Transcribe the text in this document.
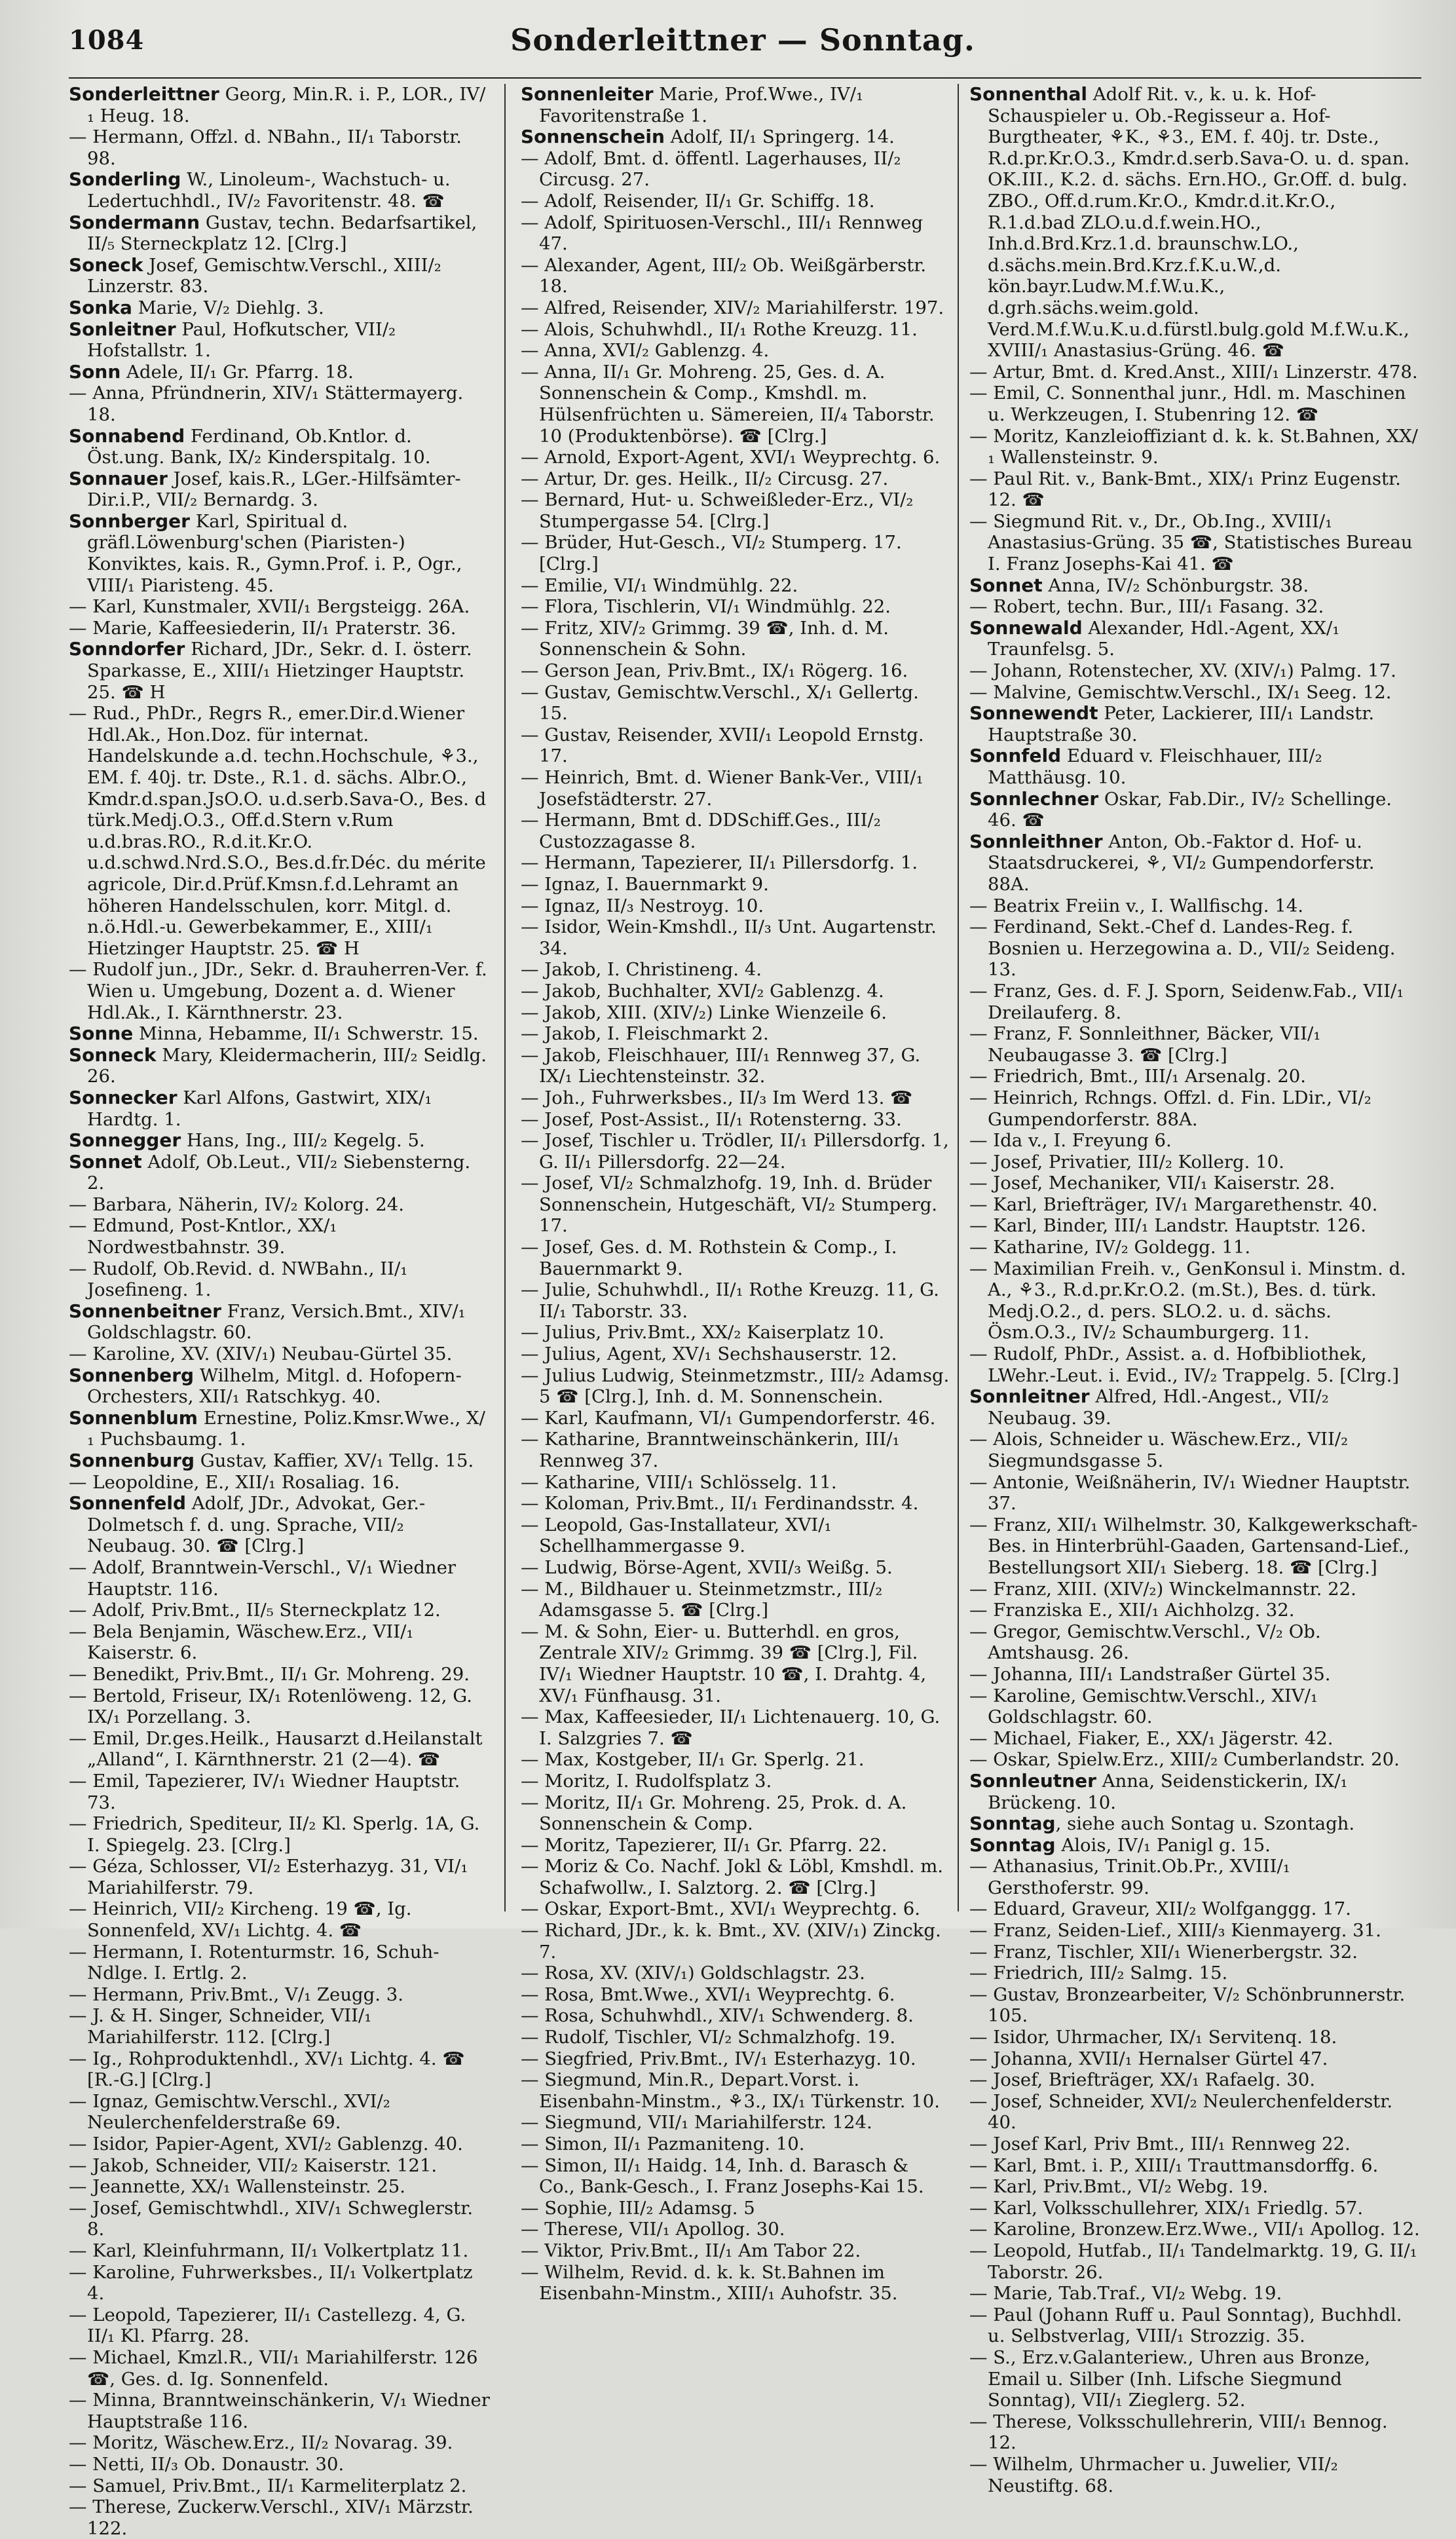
1084	Sonderleittner — Sonntag.

Sonderleittner Georg, Min.R. i. P., LOR., IV/₁ Heug. 18.

— Hermann, Offzl. d. NBahn., II/₁ Taborstr. 98.

Sonderling W., Linoleum-, Wachstuch- u. Ledertuchhdl., IV/₂ Favoritenstr. 48. ☎

Sondermann Gustav, techn. Bedarfsartikel, II/₅ Sterneckplatz 12. [Clrg.]

Soneck Josef, Gemischtw.Verschl., XIII/₂ Linzerstr. 83.

Sonka Marie, V/₂ Diehlg. 3.

Sonleitner Paul, Hofkutscher, VII/₂ Hofstallstr. 1.

Sonn Adele, II/₁ Gr. Pfarrg. 18.

— Anna, Pfründnerin, XIV/₁ Stättermayerg. 18.

Sonnabend Ferdinand, Ob.Kntlor. d. Öst.ung. Bank, IX/₂ Kinderspitalg. 10.

Sonnauer Josef, kais.R., LGer.-Hilfsämter-Dir.i.P., VII/₂ Bernardg. 3.

Sonnberger Karl, Spiritual d. gräfl.Löwenburg'schen (Piaristen-) Konviktes, kais. R., Gymn.Prof. i. P., Ogr., VIII/₁ Piaristeng. 45.

— Karl, Kunstmaler, XVII/₁ Bergsteigg. 26A.

— Marie, Kaffeesiederin, II/₁ Praterstr. 36.

Sonndorfer Richard, JDr., Sekr. d. I. österr. Sparkasse, E., XIII/₁ Hietzinger Hauptstr. 25. ☎ H

— Rud., PhDr., Regrs R., emer.Dir.d.Wiener Hdl.Ak., Hon.Doz. für internat. Handelskunde a.d. techn.Hochschule, ⚘3., EM. f. 40j. tr. Dste., R.1. d. sächs. Albr.O., Kmdr.d.span.JsO.O. u.d.serb.Sava-O., Bes. d türk.Medj.O.3., Off.d.Stern v.Rum u.d.bras.RO., R.d.it.Kr.O. u.d.schwd.Nrd.S.O., Bes.d.fr.Déc. du mérite agricole, Dir.d.Prüf.Kmsn.f.d.Lehramt an höheren Handelsschulen, korr. Mitgl. d. n.ö.Hdl.-u. Gewerbekammer, E., XIII/₁ Hietzinger Hauptstr. 25. ☎ H

— Rudolf jun., JDr., Sekr. d. Brauherren-Ver. f. Wien u. Umgebung, Dozent a. d. Wiener Hdl.Ak., I. Kärnthnerstr. 23.

Sonne Minna, Hebamme, II/₁ Schwerstr. 15.

Sonneck Mary, Kleidermacherin, III/₂ Seidlg. 26.

Sonnecker Karl Alfons, Gastwirt, XIX/₁ Hardtg. 1.

Sonnegger Hans, Ing., III/₂ Kegelg. 5.

Sonnet Adolf, Ob.Leut., VII/₂ Siebensterng. 2.

— Barbara, Näherin, IV/₂ Kolorg. 24.

— Edmund, Post-Kntlor., XX/₁ Nordwestbahnstr. 39.

— Rudolf, Ob.Revid. d. NWBahn., II/₁ Josefineng. 1.

Sonnenbeitner Franz, Versich.Bmt., XIV/₁ Goldschlagstr. 60.

— Karoline, XV. (XIV/₁) Neubau-Gürtel 35.

Sonnenberg Wilhelm, Mitgl. d. Hofopern-Orchesters, XII/₁ Ratschkyg. 40.

Sonnenblum Ernestine, Poliz.Kmsr.Wwe., X/₁ Puchsbaumg. 1.

Sonnenburg Gustav, Kaffier, XV/₁ Tellg. 15.

— Leopoldine, E., XII/₁ Rosaliag. 16.

Sonnenfeld Adolf, JDr., Advokat, Ger.-Dolmetsch f. d. ung. Sprache, VII/₂ Neubaug. 30. ☎ [Clrg.]

— Adolf, Branntwein-Verschl., V/₁ Wiedner Hauptstr. 116.

— Adolf, Priv.Bmt., II/₅ Sterneckplatz 12.

— Bela Benjamin, Wäschew.Erz., VII/₁ Kaiserstr. 6.

— Benedikt, Priv.Bmt., II/₁ Gr. Mohreng. 29.

— Bertold, Friseur, IX/₁ Rotenlöweng. 12, G. IX/₁ Porzellang. 3.

— Emil, Dr.ges.Heilk., Hausarzt d.Heilanstalt „Alland“, I. Kärnthnerstr. 21 (2—4). ☎

— Emil, Tapezierer, IV/₁ Wiedner Hauptstr. 73.

— Friedrich, Spediteur, II/₂ Kl. Sperlg. 1A, G. I. Spiegelg. 23. [Clrg.]

— Géza, Schlosser, VI/₂ Esterhazyg. 31, VI/₁ Mariahilferstr. 79.

— Heinrich, VII/₂ Kircheng. 19 ☎, Ig. Sonnenfeld, XV/₁ Lichtg. 4. ☎

— Hermann, I. Rotenturmstr. 16, Schuh-Ndlge. I. Ertlg. 2.

— Hermann, Priv.Bmt., V/₁ Zeugg. 3.

— J. & H. Singer, Schneider, VII/₁ Mariahilferstr. 112. [Clrg.]

— Ig., Rohproduktenhdl., XV/₁ Lichtg. 4. ☎ [R.-G.] [Clrg.]

— Ignaz, Gemischtw.Verschl., XVI/₂ Neulerchenfelderstraße 69.

— Isidor, Papier-Agent, XVI/₂ Gablenzg. 40.

— Jakob, Schneider, VII/₂ Kaiserstr. 121.

— Jeannette, XX/₁ Wallensteinstr. 25.

— Josef, Gemischtwhdl., XIV/₁ Schweglerstr. 8.

— Karl, Kleinfuhrmann, II/₁ Volkertplatz 11.

— Karoline, Fuhrwerksbes., II/₁ Volkertplatz 4.

— Leopold, Tapezierer, II/₁ Castellezg. 4, G. II/₁ Kl. Pfarrg. 28.

— Michael, Kmzl.R., VII/₁ Mariahilferstr. 126 ☎, Ges. d. Ig. Sonnenfeld.

— Minna, Branntweinschänkerin, V/₁ Wiedner Hauptstraße 116.

— Moritz, Wäschew.Erz., II/₂ Novarag. 39.

— Netti, II/₃ Ob. Donaustr. 30.

— Samuel, Priv.Bmt., II/₁ Karmeliterplatz 2.

— Therese, Zuckerw.Verschl., XIV/₁ Märzstr. 122.

Sonnenleiter Marie, Prof.Wwe., IV/₁ Favoritenstraße 1.

Sonnenschein Adolf, II/₁ Springerg. 14.

— Adolf, Bmt. d. öffentl. Lagerhauses, II/₂ Circusg. 27.

— Adolf, Reisender, II/₁ Gr. Schiffg. 18.

— Adolf, Spirituosen-Verschl., III/₁ Rennweg 47.

— Alexander, Agent, III/₂ Ob. Weißgärberstr. 18.

— Alfred, Reisender, XIV/₂ Mariahilferstr. 197.

— Alois, Schuhwhdl., II/₁ Rothe Kreuzg. 11.

— Anna, XVI/₂ Gablenzg. 4.

— Anna, II/₁ Gr. Mohreng. 25, Ges. d. A. Sonnenschein & Comp., Kmshdl. m. Hülsenfrüchten u. Sämereien, II/₄ Taborstr. 10 (Produktenbörse). ☎ [Clrg.]

— Arnold, Export-Agent, XVI/₁ Weyprechtg. 6.

— Artur, Dr. ges. Heilk., II/₂ Circusg. 27.

— Bernard, Hut- u. Schweißleder-Erz., VI/₂ Stumpergasse 54. [Clrg.]

— Brüder, Hut-Gesch., VI/₂ Stumperg. 17. [Clrg.]

— Emilie, VI/₁ Windmühlg. 22.

— Flora, Tischlerin, VI/₁ Windmühlg. 22.

— Fritz, XIV/₂ Grimmg. 39 ☎, Inh. d. M. Sonnenschein & Sohn.

— Gerson Jean, Priv.Bmt., IX/₁ Rögerg. 16.

— Gustav, Gemischtw.Verschl., X/₁ Gellertg. 15.

— Gustav, Reisender, XVII/₁ Leopold Ernstg. 17.

— Heinrich, Bmt. d. Wiener Bank-Ver., VIII/₁ Josefstädterstr. 27.

— Hermann, Bmt d. DDSchiff.Ges., III/₂ Custozzagasse 8.

— Hermann, Tapezierer, II/₁ Pillersdorfg. 1.

— Ignaz, I. Bauernmarkt 9.

— Ignaz, II/₃ Nestroyg. 10.

— Isidor, Wein-Kmshdl., II/₃ Unt. Augartenstr. 34.

— Jakob, I. Christineng. 4.

— Jakob, Buchhalter, XVI/₂ Gablenzg. 4.

— Jakob, XIII. (XIV/₂) Linke Wienzeile 6.

— Jakob, I. Fleischmarkt 2.

— Jakob, Fleischhauer, III/₁ Rennweg 37, G. IX/₁ Liechtensteinstr. 32.

— Joh., Fuhrwerksbes., II/₃ Im Werd 13. ☎

— Josef, Post-Assist., II/₁ Rotensterng. 33.

— Josef, Tischler u. Trödler, II/₁ Pillersdorfg. 1, G. II/₁ Pillersdorfg. 22—24.

— Josef, VI/₂ Schmalzhofg. 19, Inh. d. Brüder Sonnenschein, Hutgeschäft, VI/₂ Stumperg. 17.

— Josef, Ges. d. M. Rothstein & Comp., I. Bauernmarkt 9.

— Julie, Schuhwhdl., II/₁ Rothe Kreuzg. 11, G. II/₁ Taborstr. 33.

— Julius, Priv.Bmt., XX/₂ Kaiserplatz 10.

— Julius, Agent, XV/₁ Sechshauserstr. 12.

— Julius Ludwig, Steinmetzmstr., III/₂ Adamsg. 5 ☎ [Clrg.], Inh. d. M. Sonnenschein.

— Karl, Kaufmann, VI/₁ Gumpendorferstr. 46.

— Katharine, Branntweinschänkerin, III/₁ Rennweg 37.

— Katharine, VIII/₁ Schlösselg. 11.

— Koloman, Priv.Bmt., II/₁ Ferdinandsstr. 4.

— Leopold, Gas-Installateur, XVI/₁ Schellhammergasse 9.

— Ludwig, Börse-Agent, XVII/₃ Weißg. 5.

— M., Bildhauer u. Steinmetzmstr., III/₂ Adamsgasse 5. ☎ [Clrg.]

— M. & Sohn, Eier- u. Butterhdl. en gros, Zentrale XIV/₂ Grimmg. 39 ☎ [Clrg.], Fil. IV/₁ Wiedner Hauptstr. 10 ☎, I. Drahtg. 4, XV/₁ Fünfhausg. 31.

— Max, Kaffeesieder, II/₁ Lichtenauerg. 10, G. I. Salzgries 7. ☎

— Max, Kostgeber, II/₁ Gr. Sperlg. 21.

— Moritz, I. Rudolfsplatz 3.

— Moritz, II/₁ Gr. Mohreng. 25, Prok. d. A. Sonnenschein & Comp.

— Moritz, Tapezierer, II/₁ Gr. Pfarrg. 22.

— Moriz & Co. Nachf. Jokl & Löbl, Kmshdl. m. Schafwollw., I. Salztorg. 2. ☎ [Clrg.]

— Oskar, Export-Bmt., XVI/₁ Weyprechtg. 6.

— Richard, JDr., k. k. Bmt., XV. (XIV/₁) Zinckg. 7.

— Rosa, XV. (XIV/₁) Goldschlagstr. 23.

— Rosa, Bmt.Wwe., XVI/₁ Weyprechtg. 6.

— Rosa, Schuhwhdl., XIV/₁ Schwenderg. 8.

— Rudolf, Tischler, VI/₂ Schmalzhofg. 19.

— Siegfried, Priv.Bmt., IV/₁ Esterhazyg. 10.

— Siegmund, Min.R., Depart.Vorst. i. Eisenbahn-Minstm., ⚘3., IX/₁ Türkenstr. 10.

— Siegmund, VII/₁ Mariahilferstr. 124.

— Simon, II/₁ Pazmaniteng. 10.

— Simon, II/₁ Haidg. 14, Inh. d. Barasch & Co., Bank-Gesch., I. Franz Josephs-Kai 15.

— Sophie, III/₂ Adamsg. 5

— Therese, VII/₁ Apollog. 30.

— Viktor, Priv.Bmt., II/₁ Am Tabor 22.

— Wilhelm, Revid. d. k. k. St.Bahnen im Eisenbahn-Minstm., XIII/₁ Auhofstr. 35.

Sonnenthal Adolf Rit. v., k. u. k. Hof-Schauspieler u. Ob.-Regisseur a. Hof-Burgtheater, ⚘K., ⚘3., EM. f. 40j. tr. Dste., R.d.pr.Kr.O.3., Kmdr.d.serb.Sava-O. u. d. span. OK.III., K.2. d. sächs. Ern.HO., Gr.Off. d. bulg. ZBO., Off.d.rum.Kr.O., Kmdr.d.it.Kr.O., R.1.d.bad ZLO.u.d.f.wein.HO., Inh.d.Brd.Krz.1.d. braunschw.LO., d.sächs.mein.Brd.Krz.f.K.u.W.,d. kön.bayr.Ludw.M.f.W.u.K., d.grh.sächs.weim.gold. Verd.M.f.W.u.K.u.d.fürstl.bulg.gold M.f.W.u.K., XVIII/₁ Anastasius-Grüng. 46. ☎

— Artur, Bmt. d. Kred.Anst., XIII/₁ Linzerstr. 478.

— Emil, C. Sonnenthal junr., Hdl. m. Maschinen u. Werkzeugen, I. Stubenring 12. ☎

— Moritz, Kanzleioffiziant d. k. k. St.Bahnen, XX/₁ Wallensteinstr. 9.

— Paul Rit. v., Bank-Bmt., XIX/₁ Prinz Eugenstr. 12. ☎

— Siegmund Rit. v., Dr., Ob.Ing., XVIII/₁ Anastasius-Grüng. 35 ☎, Statistisches Bureau I. Franz Josephs-Kai 41. ☎

Sonnet Anna, IV/₂ Schönburgstr. 38.

— Robert, techn. Bur., III/₁ Fasang. 32.

Sonnewald Alexander, Hdl.-Agent, XX/₁ Traunfelsg. 5.

— Johann, Rotenstecher, XV. (XIV/₁) Palmg. 17.

— Malvine, Gemischtw.Verschl., IX/₁ Seeg. 12.

Sonnewendt Peter, Lackierer, III/₁ Landstr. Hauptstraße 30.

Sonnfeld Eduard v. Fleischhauer, III/₂ Matthäusg. 10.

Sonnlechner Oskar, Fab.Dir., IV/₂ Schellinge. 46. ☎

Sonnleithner Anton, Ob.-Faktor d. Hof- u. Staatsdruckerei, ⚘, VI/₂ Gumpendorferstr. 88A.

— Beatrix Freiin v., I. Wallfischg. 14.

— Ferdinand, Sekt.-Chef d. Landes-Reg. f. Bosnien u. Herzegowina a. D., VII/₂ Seideng. 13.

— Franz, Ges. d. F. J. Sporn, Seidenw.Fab., VII/₁ Dreilauferg. 8.

— Franz, F. Sonnleithner, Bäcker, VII/₁ Neubaugasse 3. ☎ [Clrg.]

— Friedrich, Bmt., III/₁ Arsenalg. 20.

— Heinrich, Rchngs. Offzl. d. Fin. LDir., VI/₂ Gumpendorferstr. 88A.

— Ida v., I. Freyung 6.

— Josef, Privatier, III/₂ Kollerg. 10.

— Josef, Mechaniker, VII/₁ Kaiserstr. 28.

— Karl, Briefträger, IV/₁ Margarethenstr. 40.

— Karl, Binder, III/₁ Landstr. Hauptstr. 126.

— Katharine, IV/₂ Goldegg. 11.

— Maximilian Freih. v., GenKonsul i. Minstm. d. A., ⚘3., R.d.pr.Kr.O.2. (m.St.), Bes. d. türk. Medj.O.2., d. pers. SLO.2. u. d. sächs. Ösm.O.3., IV/₂ Schaumburgerg. 11.

— Rudolf, PhDr., Assist. a. d. Hofbibliothek, LWehr.-Leut. i. Evid., IV/₂ Trappelg. 5. [Clrg.]

Sonnleitner Alfred, Hdl.-Angest., VII/₂ Neubaug. 39.

— Alois, Schneider u. Wäschew.Erz., VII/₂ Siegmundsgasse 5.

— Antonie, Weißnäherin, IV/₁ Wiedner Hauptstr. 37.

— Franz, XII/₁ Wilhelmstr. 30, Kalkgewerkschaft-Bes. in Hinterbrühl-Gaaden, Gartensand-Lief., Bestellungsort XII/₁ Sieberg. 18. ☎ [Clrg.]

— Franz, XIII. (XIV/₂) Winckelmannstr. 22.

— Franziska E., XII/₁ Aichholzg. 32.

— Gregor, Gemischtw.Verschl., V/₂ Ob. Amtshausg. 26.

— Johanna, III/₁ Landstraßer Gürtel 35.

— Karoline, Gemischtw.Verschl., XIV/₁ Goldschlagstr. 60.

— Michael, Fiaker, E., XX/₁ Jägerstr. 42.

— Oskar, Spielw.Erz., XIII/₂ Cumberlandstr. 20.

Sonnleutner Anna, Seidenstickerin, IX/₁ Brückeng. 10.

Sonntag, siehe auch Sontag u. Szontagh.

Sonntag Alois, IV/₁ Panigl g. 15.

— Athanasius, Trinit.Ob.Pr., XVIII/₁ Gersthoferstr. 99.

— Eduard, Graveur, XII/₂ Wolfganggg. 17.

— Franz, Seiden-Lief., XIII/₃ Kienmayerg. 31.

— Franz, Tischler, XII/₁ Wienerbergstr. 32.

— Friedrich, III/₂ Salmg. 15.

— Gustav, Bronzearbeiter, V/₂ Schönbrunnerstr. 105.

— Isidor, Uhrmacher, IX/₁ Servitenq. 18.

— Johanna, XVII/₁ Hernalser Gürtel 47.

— Josef, Briefträger, XX/₁ Rafaelg. 30.

— Josef, Schneider, XVI/₂ Neulerchenfelderstr. 40.

— Josef Karl, Priv Bmt., III/₁ Rennweg 22.

— Karl, Bmt. i. P., XIII/₁ Trauttmansdorffg. 6.

— Karl, Priv.Bmt., VI/₂ Webg. 19.

— Karl, Volksschullehrer, XIX/₁ Friedlg. 57.

— Karoline, Bronzew.Erz.Wwe., VII/₁ Apollog. 12.

— Leopold, Hutfab., II/₁ Tandelmarktg. 19, G. II/₁ Taborstr. 26.

— Marie, Tab.Traf., VI/₂ Webg. 19.

— Paul (Johann Ruff u. Paul Sonntag), Buchhdl. u. Selbstverlag, VIII/₁ Strozzig. 35.

— S., Erz.v.Galanteriew., Uhren aus Bronze, Email u. Silber (Inh. Lifsche Siegmund Sonntag), VII/₁ Zieglerg. 52.

— Therese, Volksschullehrerin, VIII/₁ Bennog. 12.

— Wilhelm, Uhrmacher u. Juwelier, VII/₂ Neustiftg. 68.
